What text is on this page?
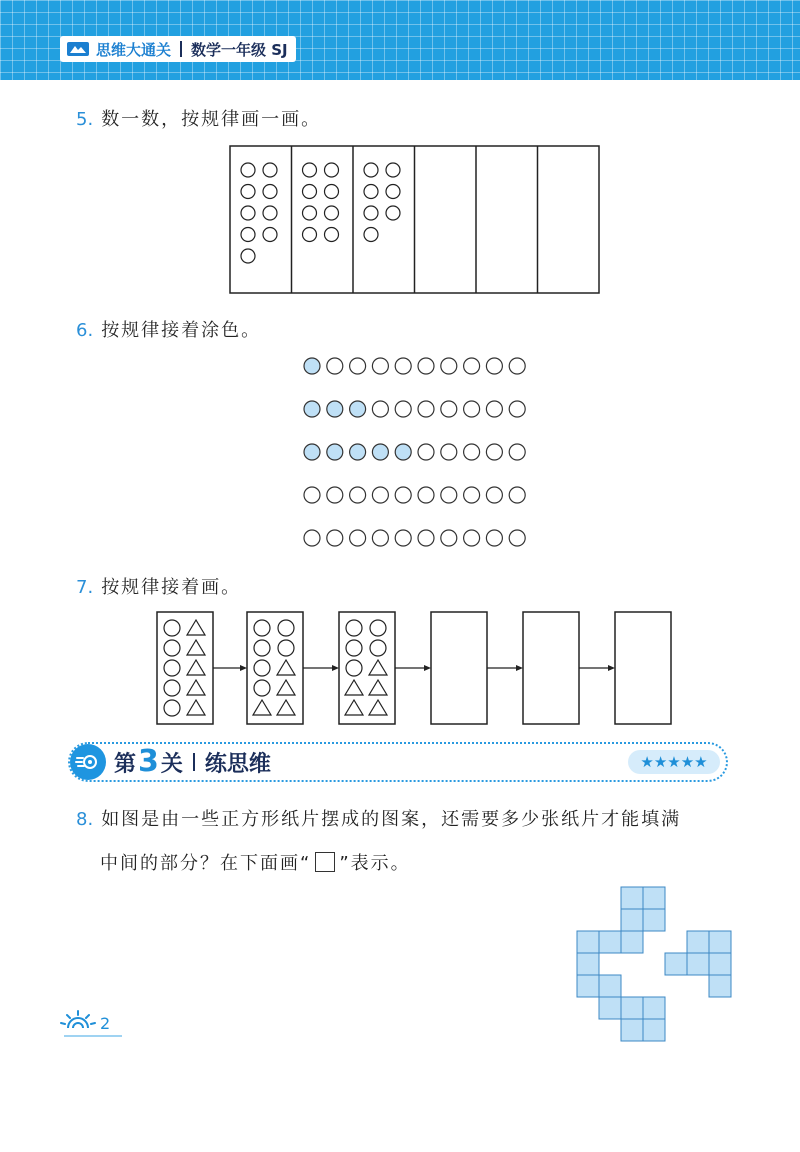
思维大通关 数学一年级 SJ
5. 数一数，按规律画一画。
6. 按规律接着涂色。
7. 按规律接着画。
第 3 关 练思维	★★★★★
8. 如图是由一些正方形纸片摆成的图案，还需要多少张纸片才能填满
中间的部分？在下面画“ ”表示。
2
